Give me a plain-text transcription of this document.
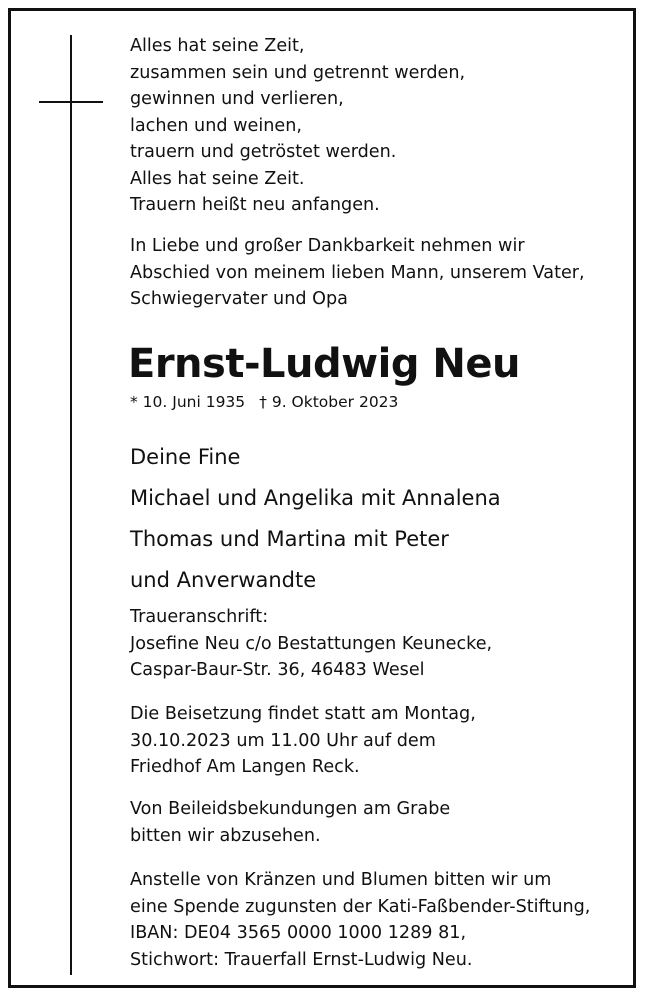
Alles hat seine Zeit,
zusammen sein und getrennt werden,
gewinnen und verlieren,
lachen und weinen,
trauern und getröstet werden.
Alles hat seine Zeit.
Trauern heißt neu anfangen.

In Liebe und großer Dankbarkeit nehmen wir
Abschied von meinem lieben Mann, unserem Vater,
Schwiegervater und Opa

Ernst-Ludwig Neu
* 10. Juni 1935 † 9. Oktober 2023

Deine Fine
Michael und Angelika mit Annalena
Thomas und Martina mit Peter
und Anverwandte

Traueranschrift:
Josefine Neu c/o Bestattungen Keunecke,
Caspar-Baur-Str. 36, 46483 Wesel

Die Beisetzung findet statt am Montag,
30.10.2023 um 11.00 Uhr auf dem
Friedhof Am Langen Reck.

Von Beileidsbekundungen am Grabe
bitten wir abzusehen.

Anstelle von Kränzen und Blumen bitten wir um
eine Spende zugunsten der Kati-Faßbender-Stiftung,
IBAN: DE04 3565 0000 1000 1289 81,
Stichwort: Trauerfall Ernst-Ludwig Neu.
